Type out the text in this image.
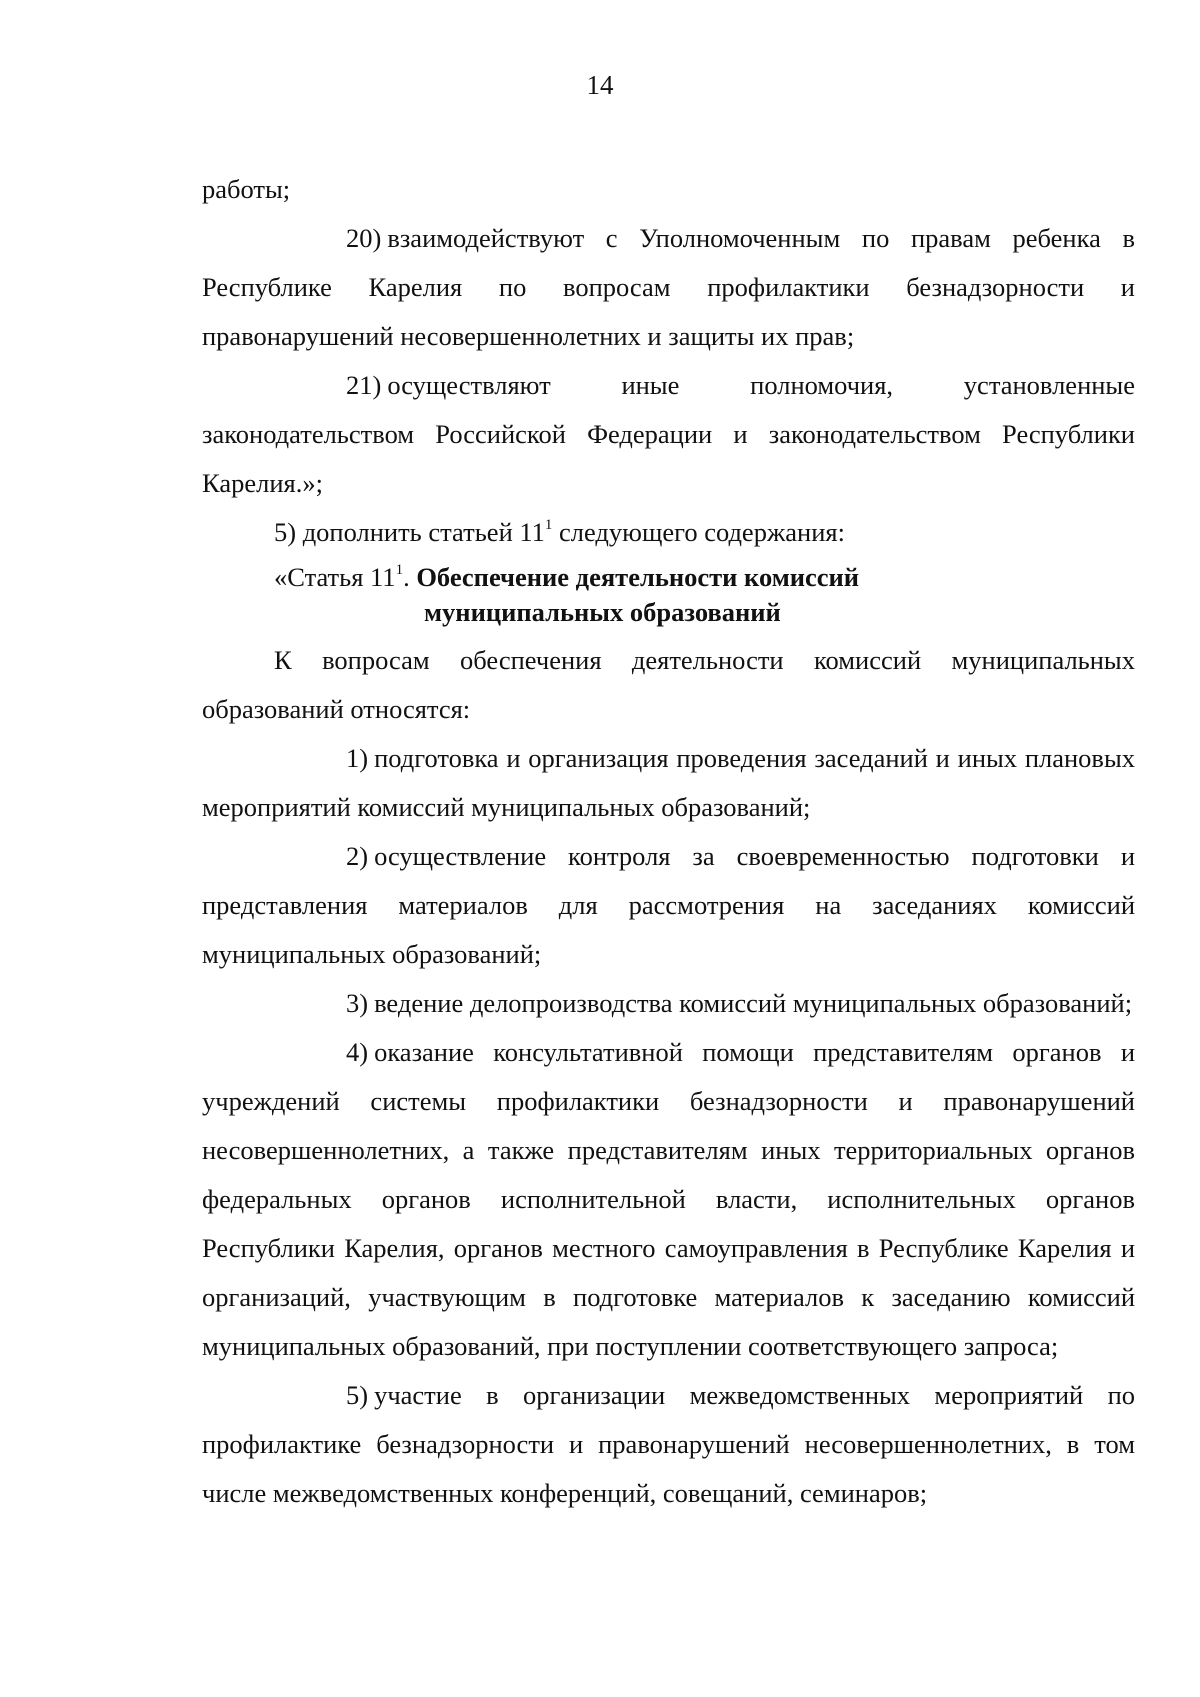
14

работы;

20) взаимодействуют с Уполномоченным по правам ребенка в Республике Карелия по вопросам профилактики безнадзорности и правонарушений несовершеннолетних и защиты их прав;

21) осуществляют иные полномочия, установленные законодательством Российской Федерации и законодательством Республики Карелия.»;

5) дополнить статьей $11^1$ следующего содержания:

«Статья $11^1$. Обеспечение деятельности комиссий
муниципальных образований

К вопросам обеспечения деятельности комиссий муниципальных образований относятся:

1) подготовка и организация проведения заседаний и иных плановых мероприятий комиссий муниципальных образований;

2) осуществление контроля за своевременностью подготовки и представления материалов для рассмотрения на заседаниях комиссий муниципальных образований;

3) ведение делопроизводства комиссий муниципальных образований;

4) оказание консультативной помощи представителям органов и учреждений системы профилактики безнадзорности и правонарушений несовершеннолетних, а также представителям иных территориальных органов федеральных органов исполнительной власти, исполнительных органов Республики Карелия, органов местного самоуправления в Республике Карелия и организаций, участвующим в подготовке материалов к заседанию комиссий муниципальных образований, при поступлении соответствующего запроса;

5) участие в организации межведомственных мероприятий по профилактике безнадзорности и правонарушений несовершеннолетних, в том числе межведомственных конференций, совещаний, семинаров;
